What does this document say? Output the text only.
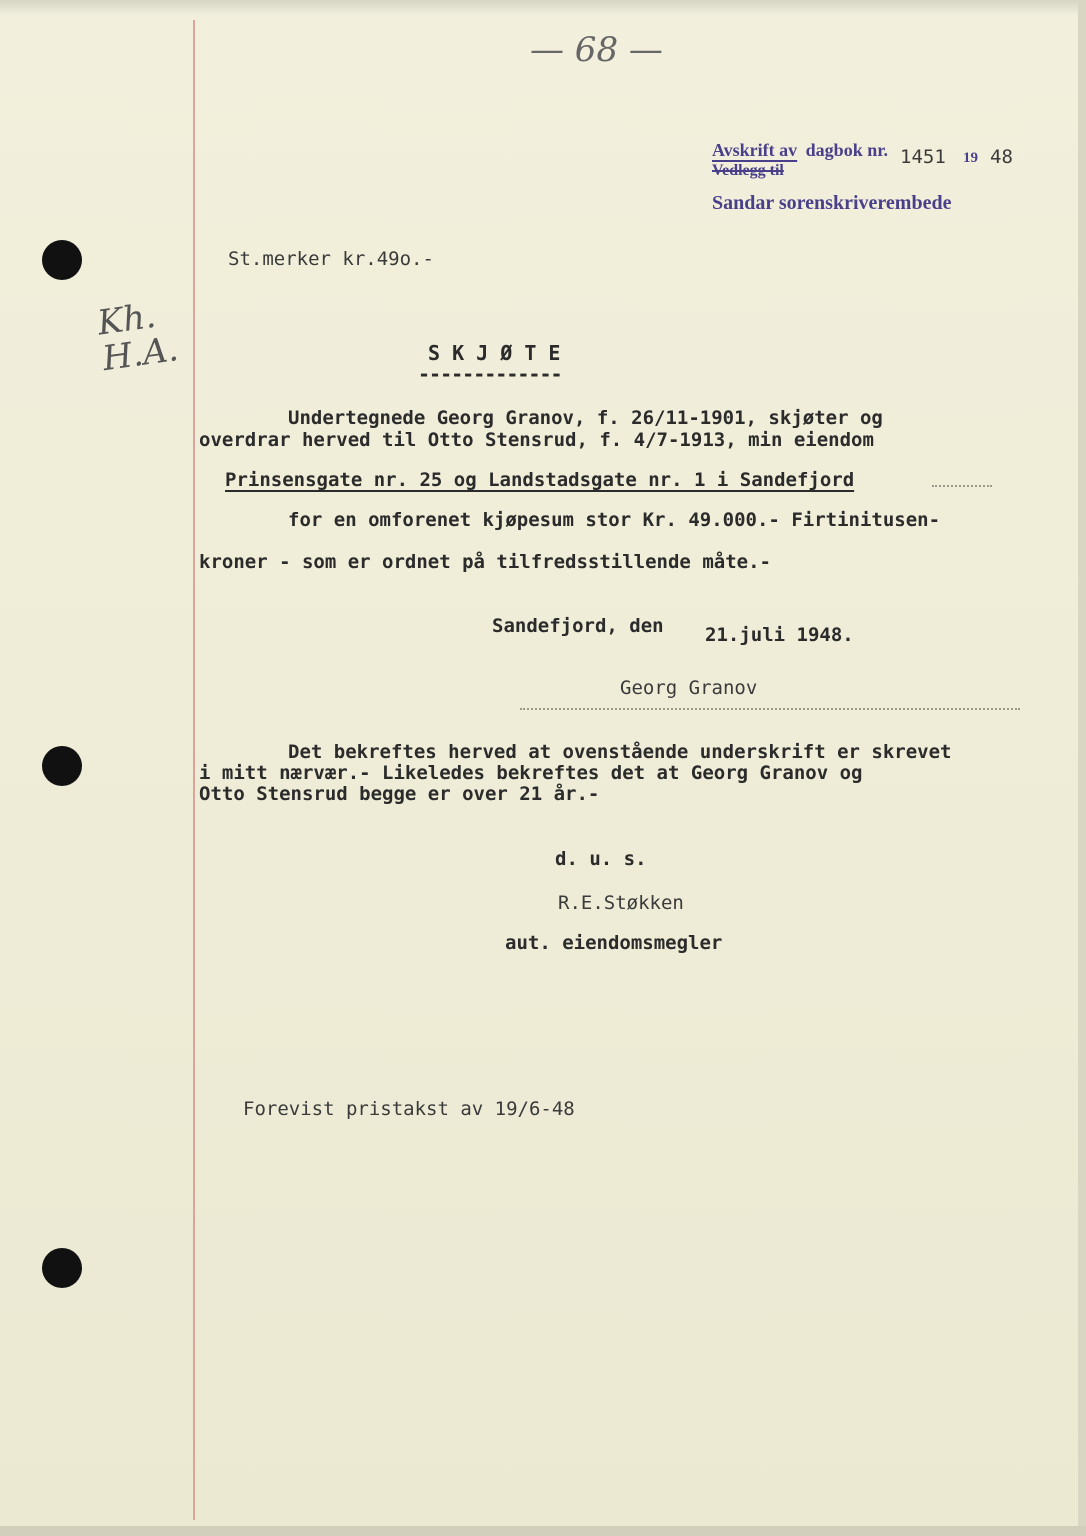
— 68 —
Avskrift av dagbok nr.
Vedlegg til
1451 19 48
Sandar sorenskriverembede
St.merker kr.49o.-
Kh. H.A.	S K J Ø T E
-------------
Undertegnede Georg Granov, f. 26/11-1901, skjøter og
overdrar herved til Otto Stensrud, f. 4/7-1913, min eiendom
Prinsensgate nr. 25 og Landstadsgate nr. 1 i Sandefjord
for en omforenet kjøpesum stor Kr. 49.000.- Firtinitusen-
kroner - som er ordnet på tilfredsstillende måte.-
Sandefjord, den 21.juli 1948.
Georg Granov
Det bekreftes herved at ovenstående underskrift er skrevet
i mitt nærvær.- Likeledes bekreftes det at Georg Granov og
Otto Stensrud begge er over 21 år.-
d. u. s.
R.E.Støkken
aut. eiendomsmegler
Forevist pristakst av 19/6-48
